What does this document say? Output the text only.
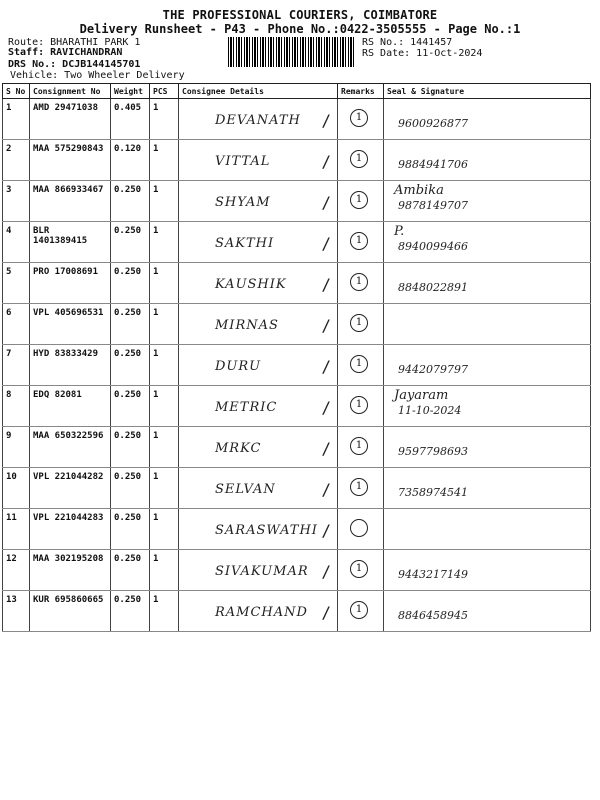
THE PROFESSIONAL COURIERS, COIMBATORE
Delivery Runsheet - P43 - Phone No.:0422-3505555 - Page No.:1
Route: BHARATHI PARK 1
Staff: RAVICHANDRAN
DRS No.: DCJB144145701
Vehicle: Two Wheeler Delivery
RS No.: 1441457
RS Date: 11-Oct-2024
S No	Consignment No	Weight	PCS	Consignee Details	Remarks	Seal & Signature
1	AMD 29471038	0.405	1	DEVANATH /	1	9600926877

2	MAA 575290843	0.120	1	VITTAL /	1	9884941706

3	MAA 866933467	0.250	1	SHYAM /	1	Ambika
9878149707

4	BLR 1401389415	0.250	1	SAKTHI /	1	P.
8940099466

5	PRO 17008691	0.250	1	KAUSHIK /	1	8848022891

6	VPL 405696531	0.250	1	MIRNAS /	1	

7	HYD 83833429	0.250	1	DURU /	1	9442079797

8	EDQ 82081	0.250	1	METRIC /	1	Jayaram
11-10-2024

9	MAA 650322596	0.250	1	MRKC /	1	9597798693

10	VPL 221044282	0.250	1	SELVAN /	1	7358974541

11	VPL 221044283	0.250	1	SARASWATHI /		

12	MAA 302195208	0.250	1	SIVAKUMAR /	1	9443217149

13	KUR 695860665	0.250	1	RAMCHAND /	1	8846458945
